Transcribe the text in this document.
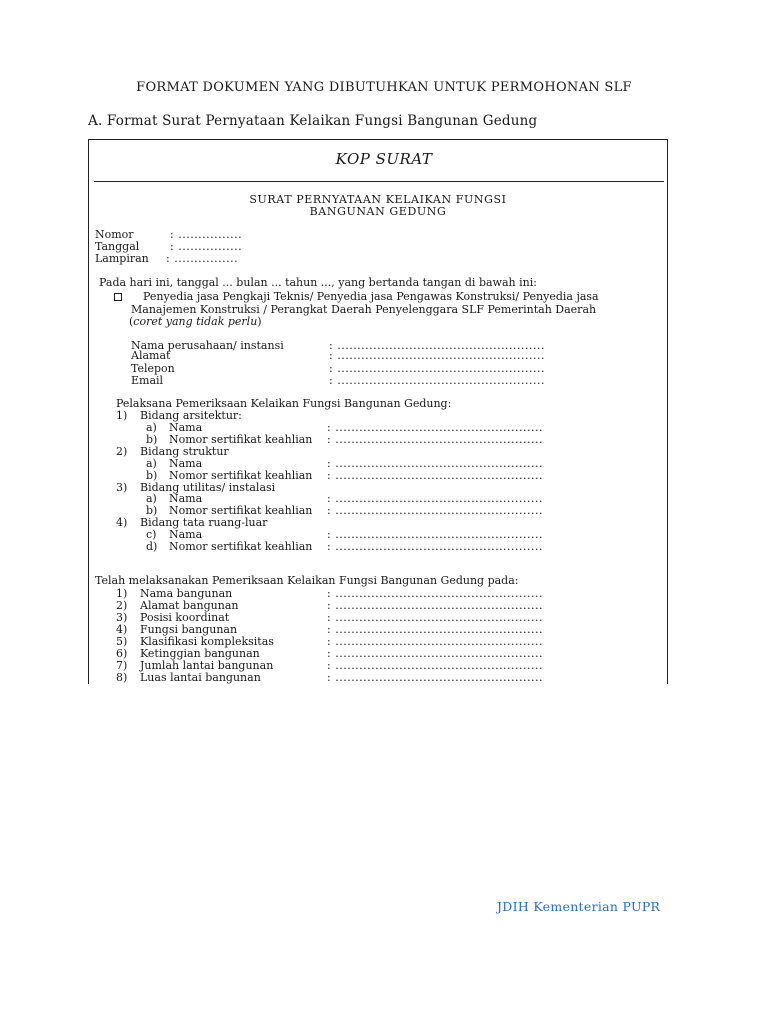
FORMAT DOKUMEN YANG DIBUTUHKAN UNTUK PERMOHONAN SLF
A. Format Surat Pernyataan Kelaikan Fungsi Bangunan Gedung
KOP SURAT
SURAT PERNYATAAN KELAIKAN FUNGSI
BANGUNAN GEDUNG
Nomor	: ................
Tanggal	: ................
Lampiran : ................
Pada hari ini, tanggal ... bulan ... tahun ..., yang bertanda tangan di bawah ini:
Penyedia jasa Pengkaji Teknis/ Penyedia jasa Pengawas Konstruksi/ Penyedia jasa
Manajemen Konstruksi / Perangkat Daerah Penyelenggara SLF Pemerintah Daerah
(coret yang tidak perlu)
Nama perusahaan/ instansi	: ....................................................
Alamat	: ....................................................
Telepon	: ....................................................
Email	: ....................................................
Pelaksana Pemeriksaan Kelaikan Fungsi Bangunan Gedung:
1) Bidang arsitektur:
a) Nama	: ....................................................
b) Nomor sertifikat keahlian : ....................................................
2) Bidang struktur
a) Nama	: ....................................................
b) Nomor sertifikat keahlian : ....................................................
3) Bidang utilitas/ instalasi
a) Nama	: ....................................................
b) Nomor sertifikat keahlian : ....................................................
4) Bidang tata ruang-luar
c) Nama	: ....................................................
d) Nomor sertifikat keahlian : ....................................................
Telah melaksanakan Pemeriksaan Kelaikan Fungsi Bangunan Gedung pada:
1) Nama bangunan	: ....................................................
2) Alamat bangunan	: ....................................................
3) Posisi koordinat	: ....................................................
4) Fungsi bangunan	: ....................................................
5) Klasifikasi kompleksitas	: ....................................................
6) Ketinggian bangunan	: ....................................................
7) Jumlah lantai bangunan	: ....................................................
8) Luas lantai bangunan	: ....................................................
JDIH Kementerian PUPR
